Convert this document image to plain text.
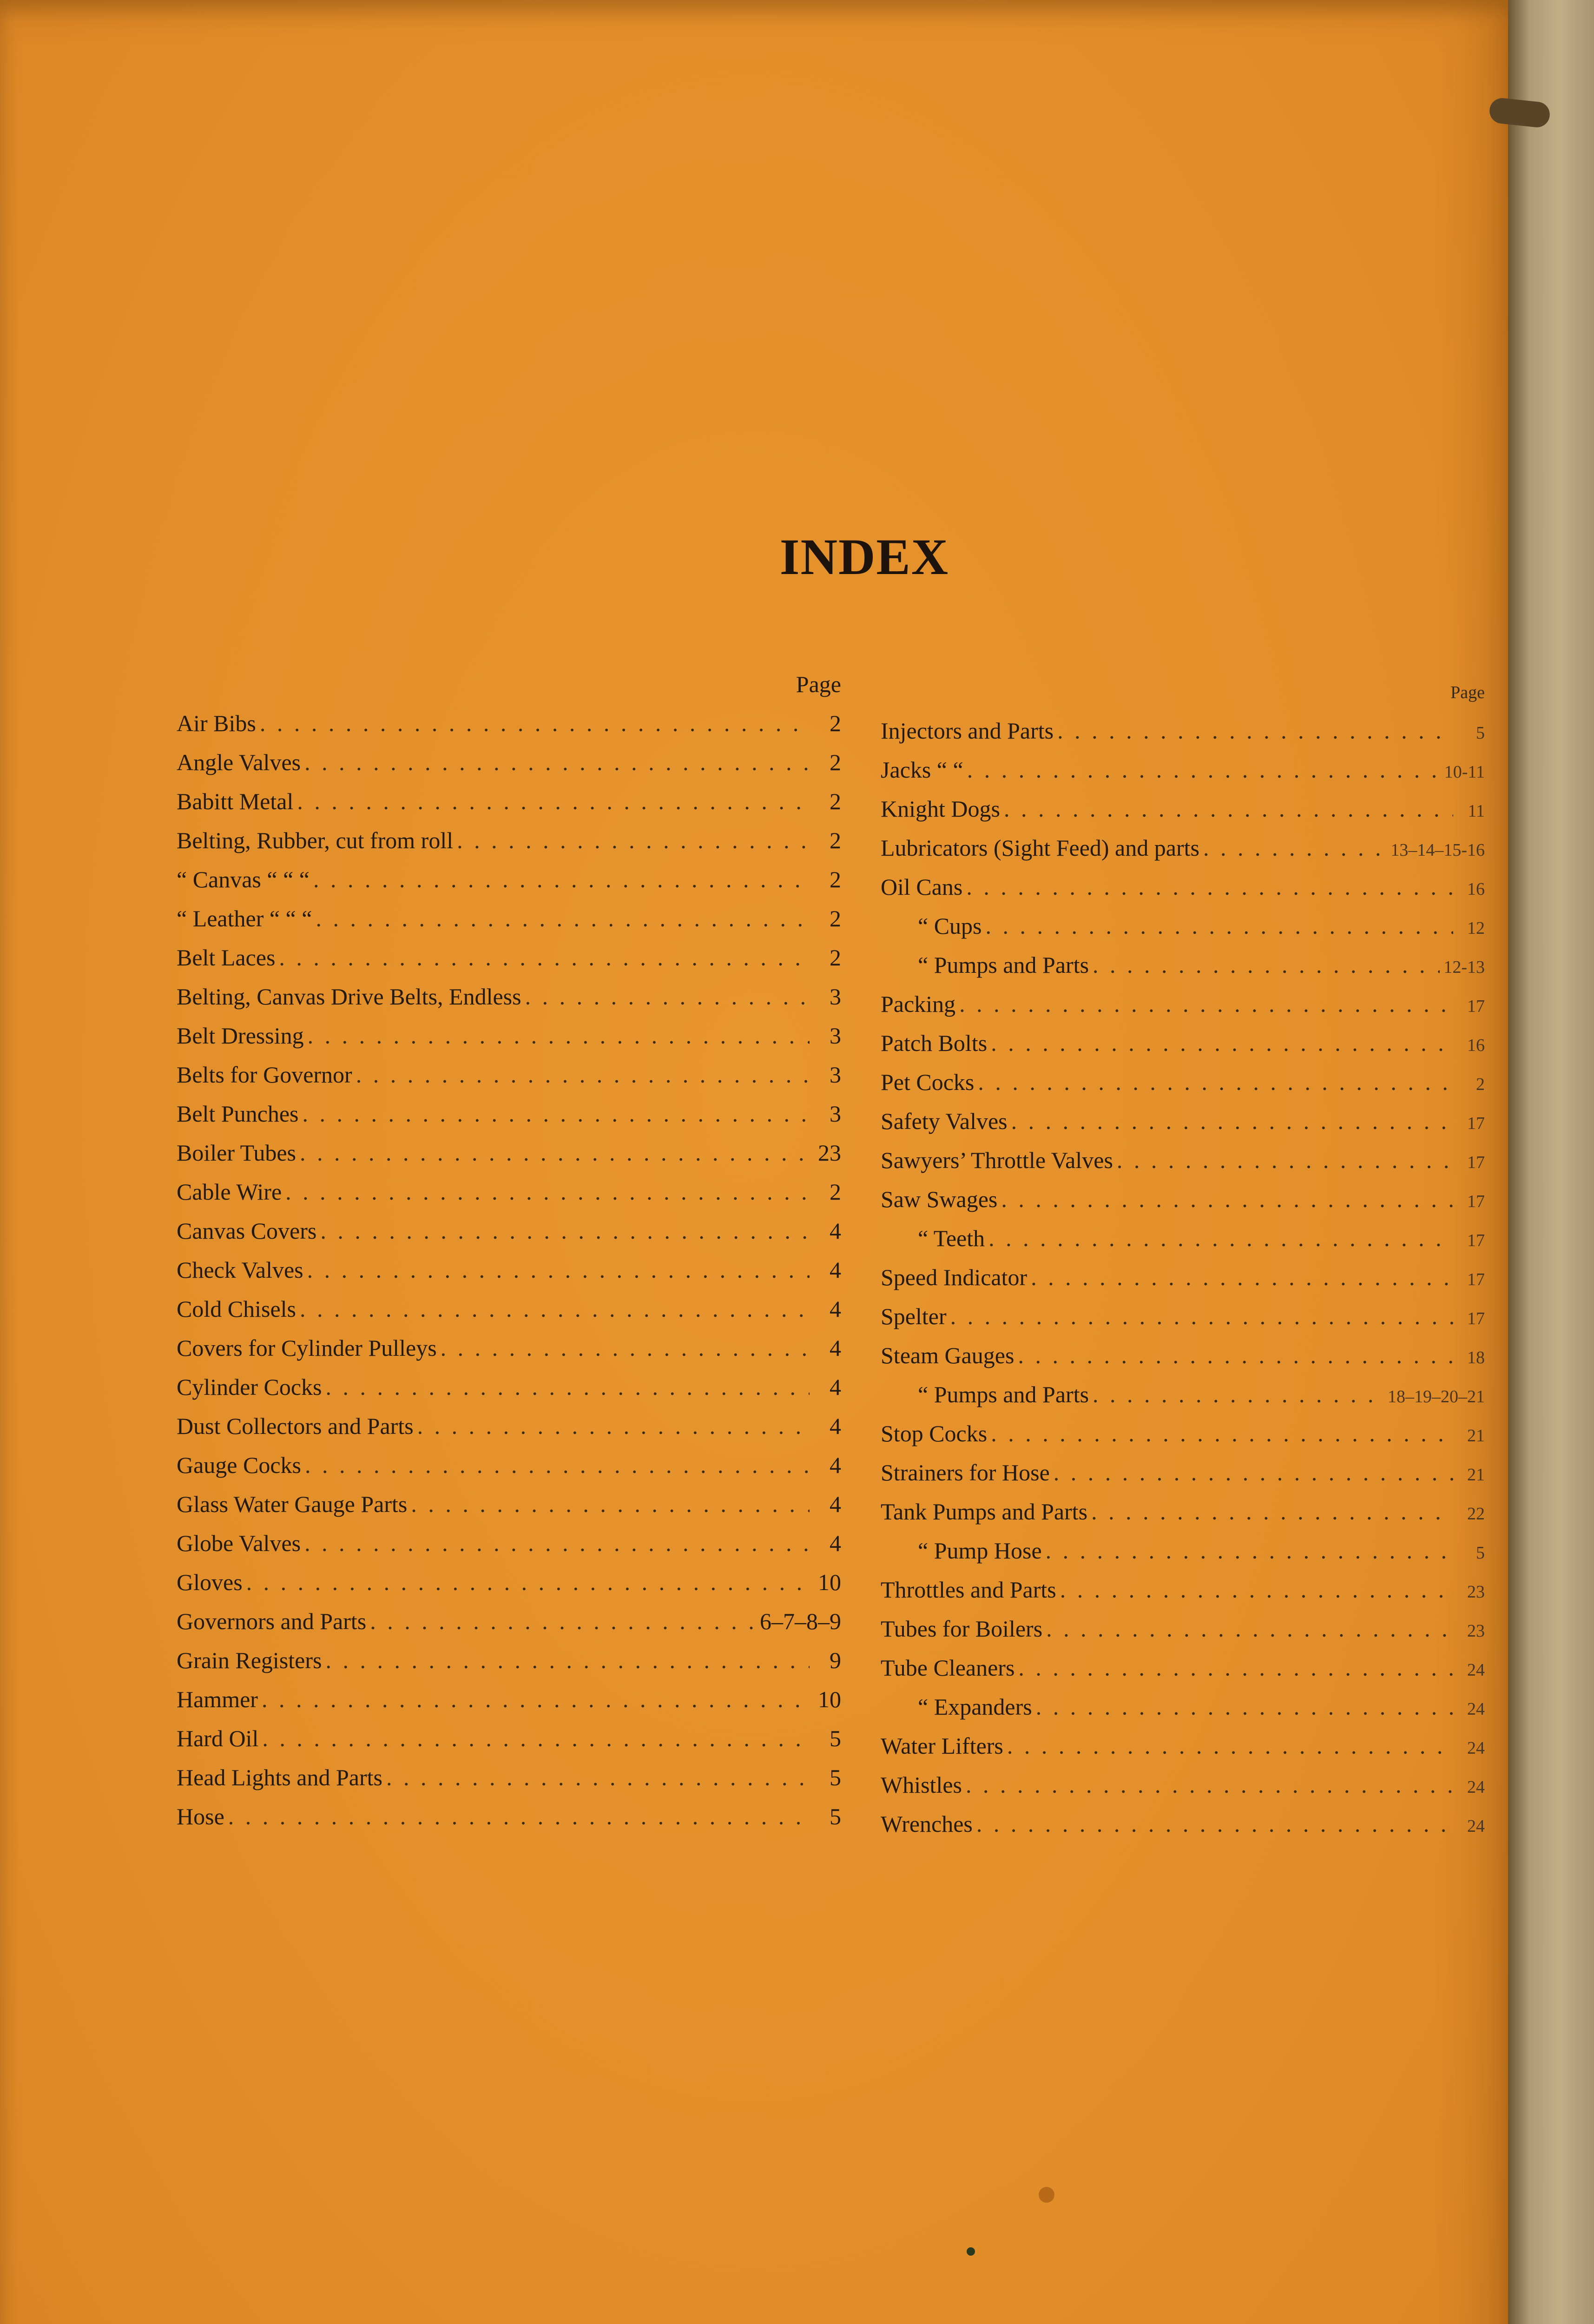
INDEX
Page
Air Bibs . . .	2
Angle Valves . . .	2
Babitt Metal . . .	2
Belting, Rubber, cut from roll . . .	2
“ Canvas “ “ “ . . .	2
“ Leather “ “ “ . . .	2
Belt Laces . . .	2
Belting, Canvas Drive Belts, Endless . . .	3
Belt Dressing . . .	3
Belts for Governor . . .	3
Belt Punches . . .	3
Boiler Tubes . . .	23
Cable Wire . . .	2
Canvas Covers . . .	4
Check Valves . . .	4
Cold Chisels . . .	4
Covers for Cylinder Pulleys . . .	4
Cylinder Cocks . . .	4
Dust Collectors and Parts . . .	4
Gauge Cocks . . .	4
Glass Water Gauge Parts . . .	4
Globe Valves . . .	4
Gloves . . .	10
Governors and Parts . . .	6–7–8–9
Grain Registers . . .	9
Hammer . . .	10
Hard Oil . . .	5
Head Lights and Parts . . .	5
Hose . . .	5
Page
Injectors and Parts . . .	5
Jacks “ “ . . .	10-11
Knight Dogs . . .	11
Lubricators (Sight Feed) and parts . . .	13–14–15-16
Oil Cans . . .	16
“ Cups . . .	12
“ Pumps and Parts . . .	12-13
Packing . . .	17
Patch Bolts . . .	16
Pet Cocks . . .	2
Safety Valves . . .	17
Sawyers’ Throttle Valves . . .	17
Saw Swages . . .	17
“ Teeth . . .	17
Speed Indicator . . .	17
Spelter . . .	17
Steam Gauges . . .	18
“ Pumps and Parts . . .	18–19–20–21
Stop Cocks . . .	21
Strainers for Hose . . .	21
Tank Pumps and Parts . . .	22
“ Pump Hose . . .	5
Throttles and Parts . . .	23
Tubes for Boilers . . .	23
Tube Cleaners . . .	24
“ Expanders . . .	24
Water Lifters . . .	24
Whistles . . .	24
Wrenches . . .	24
